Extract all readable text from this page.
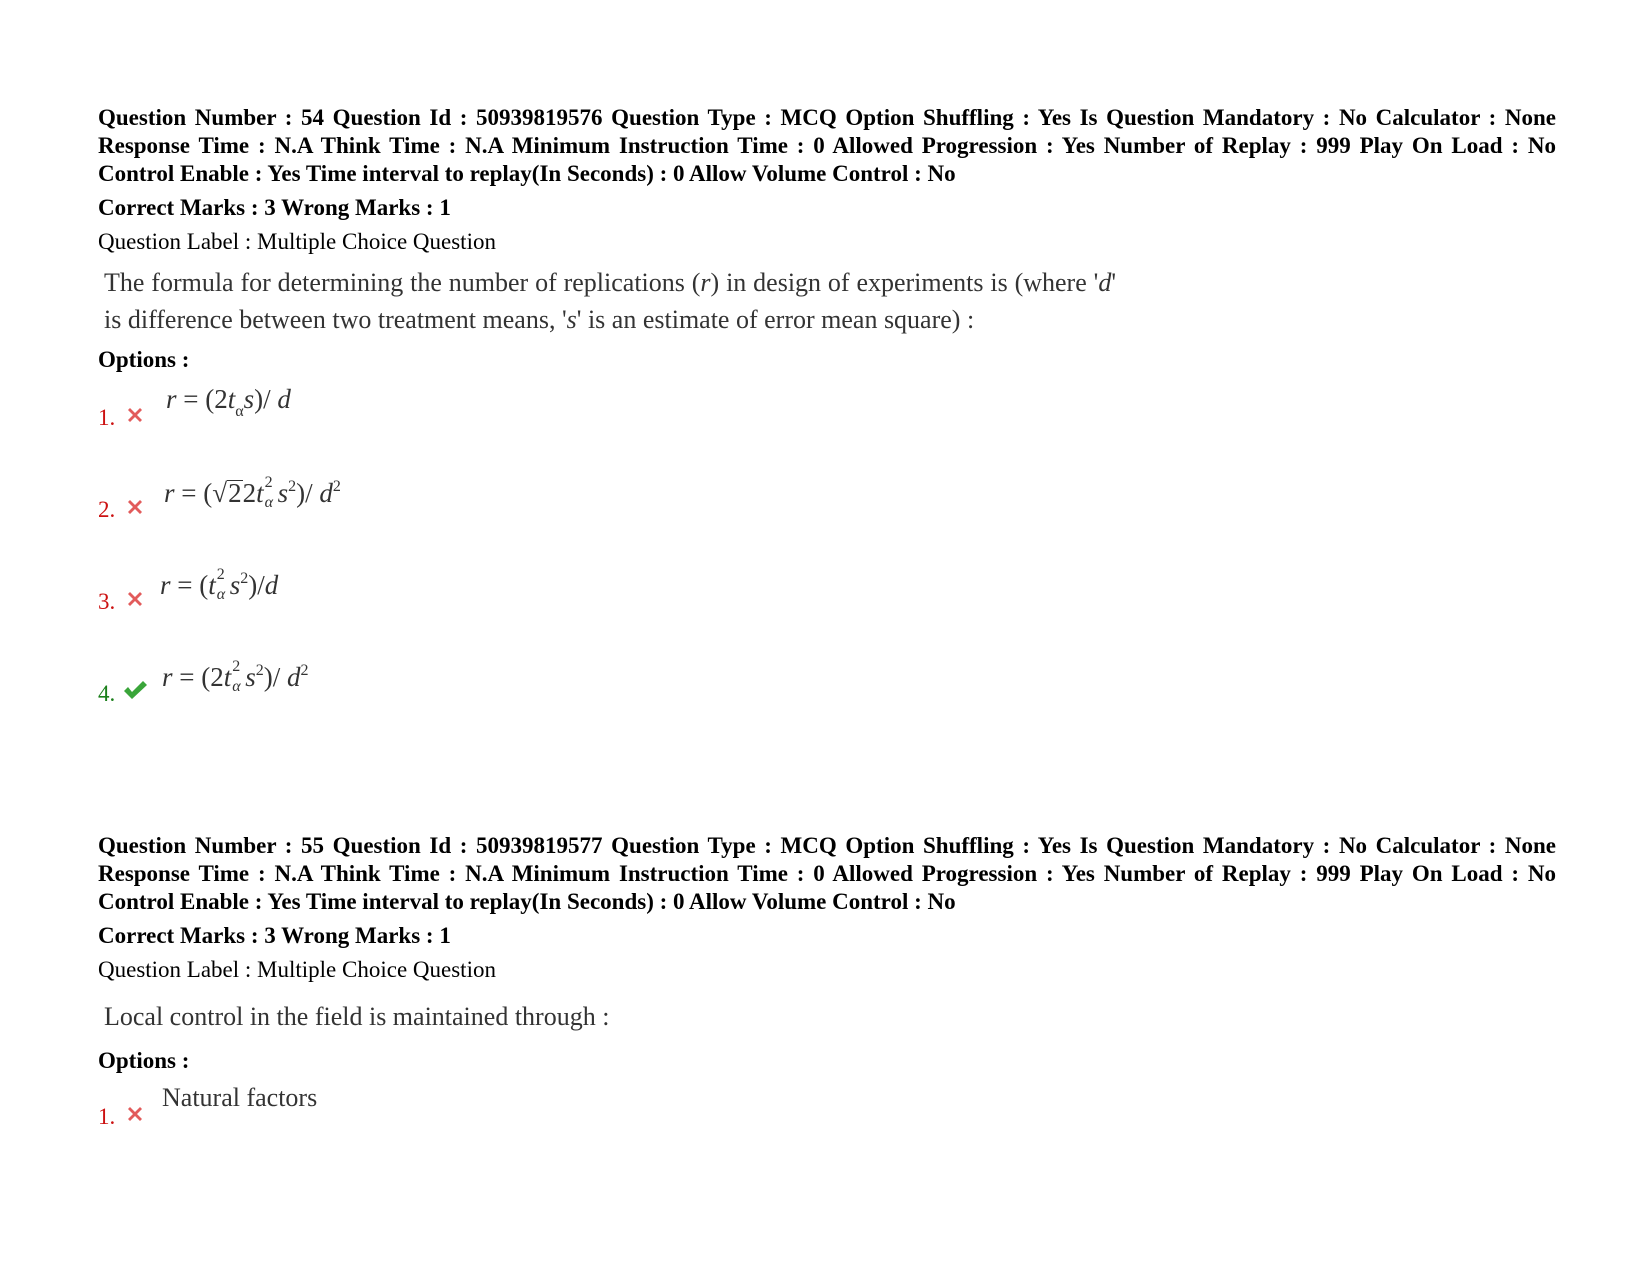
Question Number : 54 Question Id : 50939819576 Question Type : MCQ Option Shuffling : Yes Is Question Mandatory : No Calculator : None Response Time : N.A Think Time : N.A Minimum Instruction Time : 0 Allowed Progression : Yes Number of Replay : 999 Play On Load : No Control Enable : Yes Time interval to replay(In Seconds) : 0 Allow Volume Control : No
Correct Marks : 3 Wrong Marks : 1
Question Label : Multiple Choice Question
The formula for determining the number of replications (r) in design of experiments is (where 'd' is difference between two treatment means, 's' is an estimate of error mean square) :
Options :
1.
$r = (2t_\alpha s)/$ d
2.
r = (√22t 2
α $s^2)/$ $d^2$
3.
r = (t 2
α $s^2)/d$
4.
r = (2t 2
α $s^2)/$ $d^2$
Question Number : 55 Question Id : 50939819577 Question Type : MCQ Option Shuffling : Yes Is Question Mandatory : No Calculator : None Response Time : N.A Think Time : N.A Minimum Instruction Time : 0 Allowed Progression : Yes Number of Replay : 999 Play On Load : No Control Enable : Yes Time interval to replay(In Seconds) : 0 Allow Volume Control : No
Correct Marks : 3 Wrong Marks : 1
Question Label : Multiple Choice Question
Local control in the field is maintained through :
Options :
1.
Natural factors
